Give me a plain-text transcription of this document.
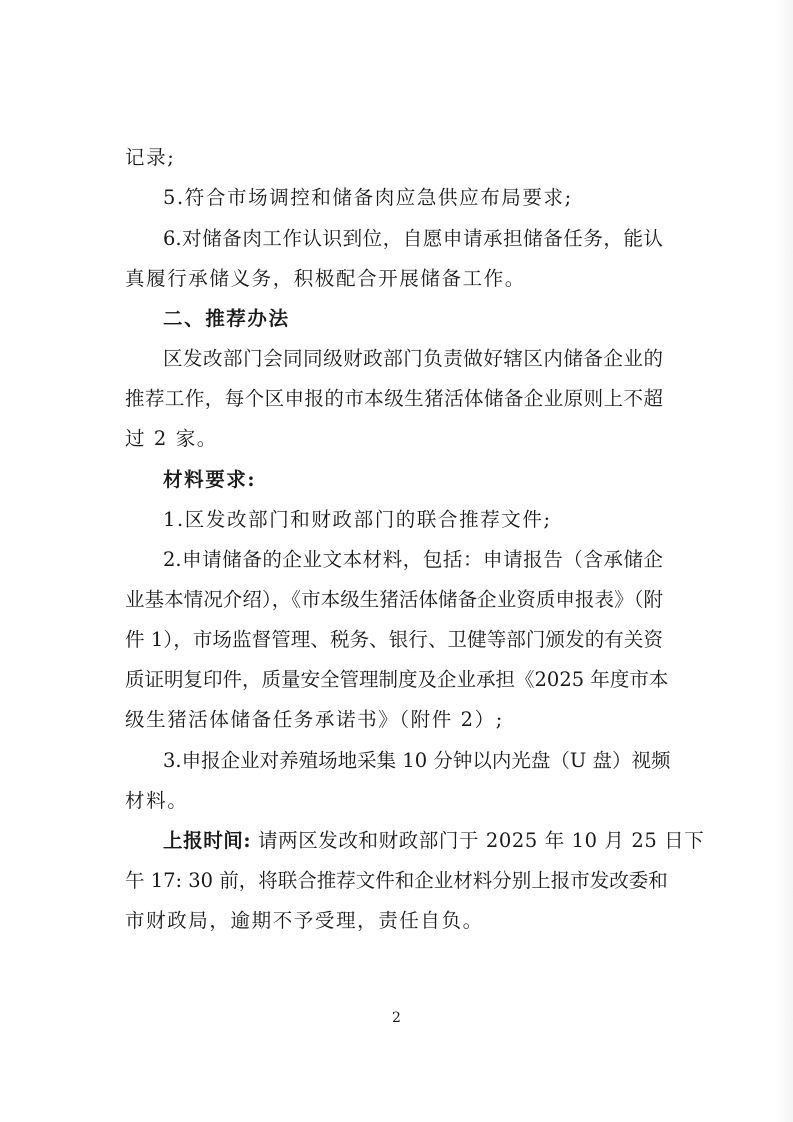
记录;
5.符合市场调控和储备肉应急供应布局要求;
6.对储备肉工作认识到位，自愿申请承担储备任务，能认
真履行承储义务，积极配合开展储备工作。
二、推荐办法
区发改部门会同同级财政部门负责做好辖区内储备企业的
推荐工作，每个区申报的市本级生猪活体储备企业原则上不超
过 2 家。
材料要求:
1.区发改部门和财政部门的联合推荐文件;
2.申请储备的企业文本材料，包括：申请报告（含承储企
业基本情况介绍），《市本级生猪活体储备企业资质申报表》（附
件 1），市场监督管理、税务、银行、卫健等部门颁发的有关资
质证明复印件，质量安全管理制度及企业承担《2025 年度市本
级生猪活体储备任务承诺书》（附件 2）;
3.申报企业对养殖场地采集 10 分钟以内光盘（U 盘）视频
材料。
上报时间: 请两区发改和财政部门于 2025 年 10 月 25 日下
午 17: 30 前，将联合推荐文件和企业材料分别上报市发改委和
市财政局，逾期不予受理，责任自负。
2
